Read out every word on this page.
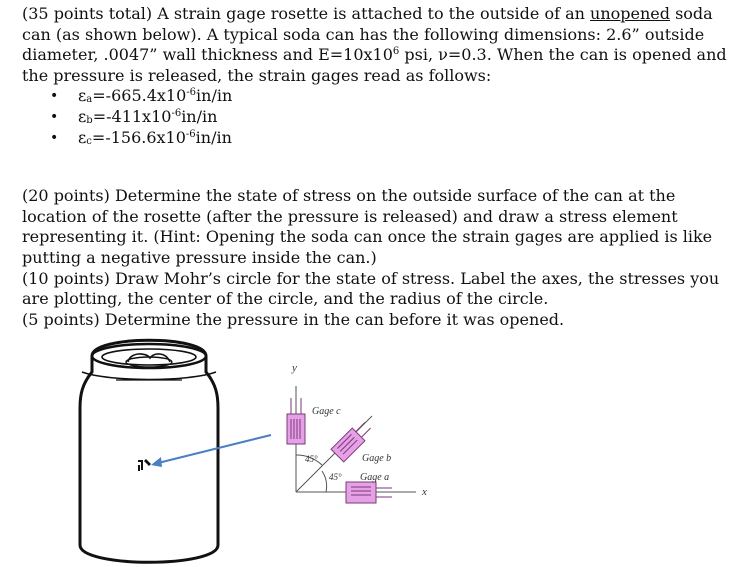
(35 points total) A strain gage rosette is attached to the outside of an unopened soda can (as shown below). A typical soda can has the following dimensions: 2.6” outside diameter, .0047” wall thickness and $E=10x10^6$ psi, ν=0.3. When the can is opened and the pressure is released, the strain gages read as follows:

• $\varepsilon_a=-665.4x10^{-6}in/in$
• $\varepsilon_b=-411x10^{-6}in/in$
• $\varepsilon_c=-156.6x10^{-6}in/in$

(20 points) Determine the state of stress on the outside surface of the can at the location of the rosette (after the pressure is released) and draw a stress element representing it. (Hint: Opening the soda can once the strain gages are applied is like putting a negative pressure inside the can.)

(10 points) Draw Mohr’s circle for the state of stress. Label the axes, the stresses you are plotting, the center of the circle, and the radius of the circle.

(5 points) Determine the pressure in the can before it was opened.

y
x
Gage c
Gage b
Gage a
45°
45°
